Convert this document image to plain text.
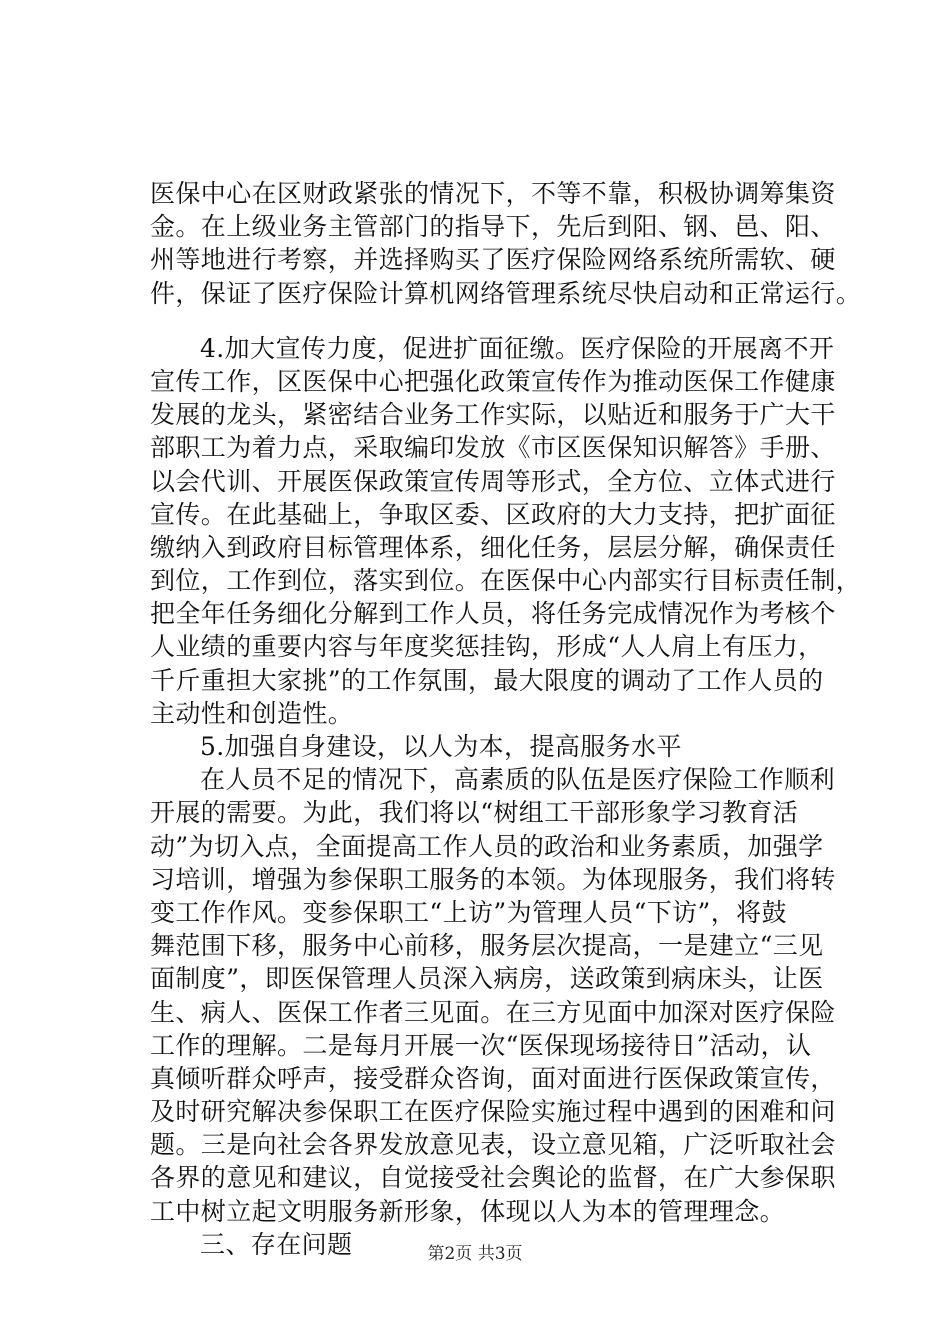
医保中心在区财政紧张的情况下，不等不靠，积极协调筹集资
金。在上级业务主管部门的指导下，先后到阳、钢、邑、阳、
州等地进行考察，并选择购买了医疗保险网络系统所需软、硬
件，保证了医疗保险计算机网络管理系统尽快启动和正常运行。
4.加大宣传力度，促进扩面征缴。医疗保险的开展离不开
宣传工作，区医保中心把强化政策宣传作为推动医保工作健康
发展的龙头，紧密结合业务工作实际，以贴近和服务于广大干
部职工为着力点，采取编印发放《市区医保知识解答》手册、
以会代训、开展医保政策宣传周等形式，全方位、立体式进行
宣传。在此基础上，争取区委、区政府的大力支持，把扩面征
缴纳入到政府目标管理体系，细化任务，层层分解，确保责任
到位，工作到位，落实到位。在医保中心内部实行目标责任制，
把全年任务细化分解到工作人员，将任务完成情况作为考核个
人业绩的重要内容与年度奖惩挂钩，形成“人人肩上有压力，
千斤重担大家挑”的工作氛围，最大限度的调动了工作人员的
主动性和创造性。
5.加强自身建设，以人为本，提高服务水平
在人员不足的情况下，高素质的队伍是医疗保险工作顺利
开展的需要。为此，我们将以“树组工干部形象学习教育活
动”为切入点，全面提高工作人员的政治和业务素质，加强学
习培训，增强为参保职工服务的本领。为体现服务，我们将转
变工作作风。变参保职工“上访”为管理人员“下访”，将鼓
舞范围下移，服务中心前移，服务层次提高，一是建立“三见
面制度”，即医保管理人员深入病房，送政策到病床头，让医
生、病人、医保工作者三见面。在三方见面中加深对医疗保险
工作的理解。二是每月开展一次“医保现场接待日”活动，认
真倾听群众呼声，接受群众咨询，面对面进行医保政策宣传，
及时研究解决参保职工在医疗保险实施过程中遇到的困难和问
题。三是向社会各界发放意见表，设立意见箱，广泛听取社会
各界的意见和建议，自觉接受社会舆论的监督，在广大参保职
工中树立起文明服务新形象，体现以人为本的管理理念。
三、存在问题	第2页 共3页
